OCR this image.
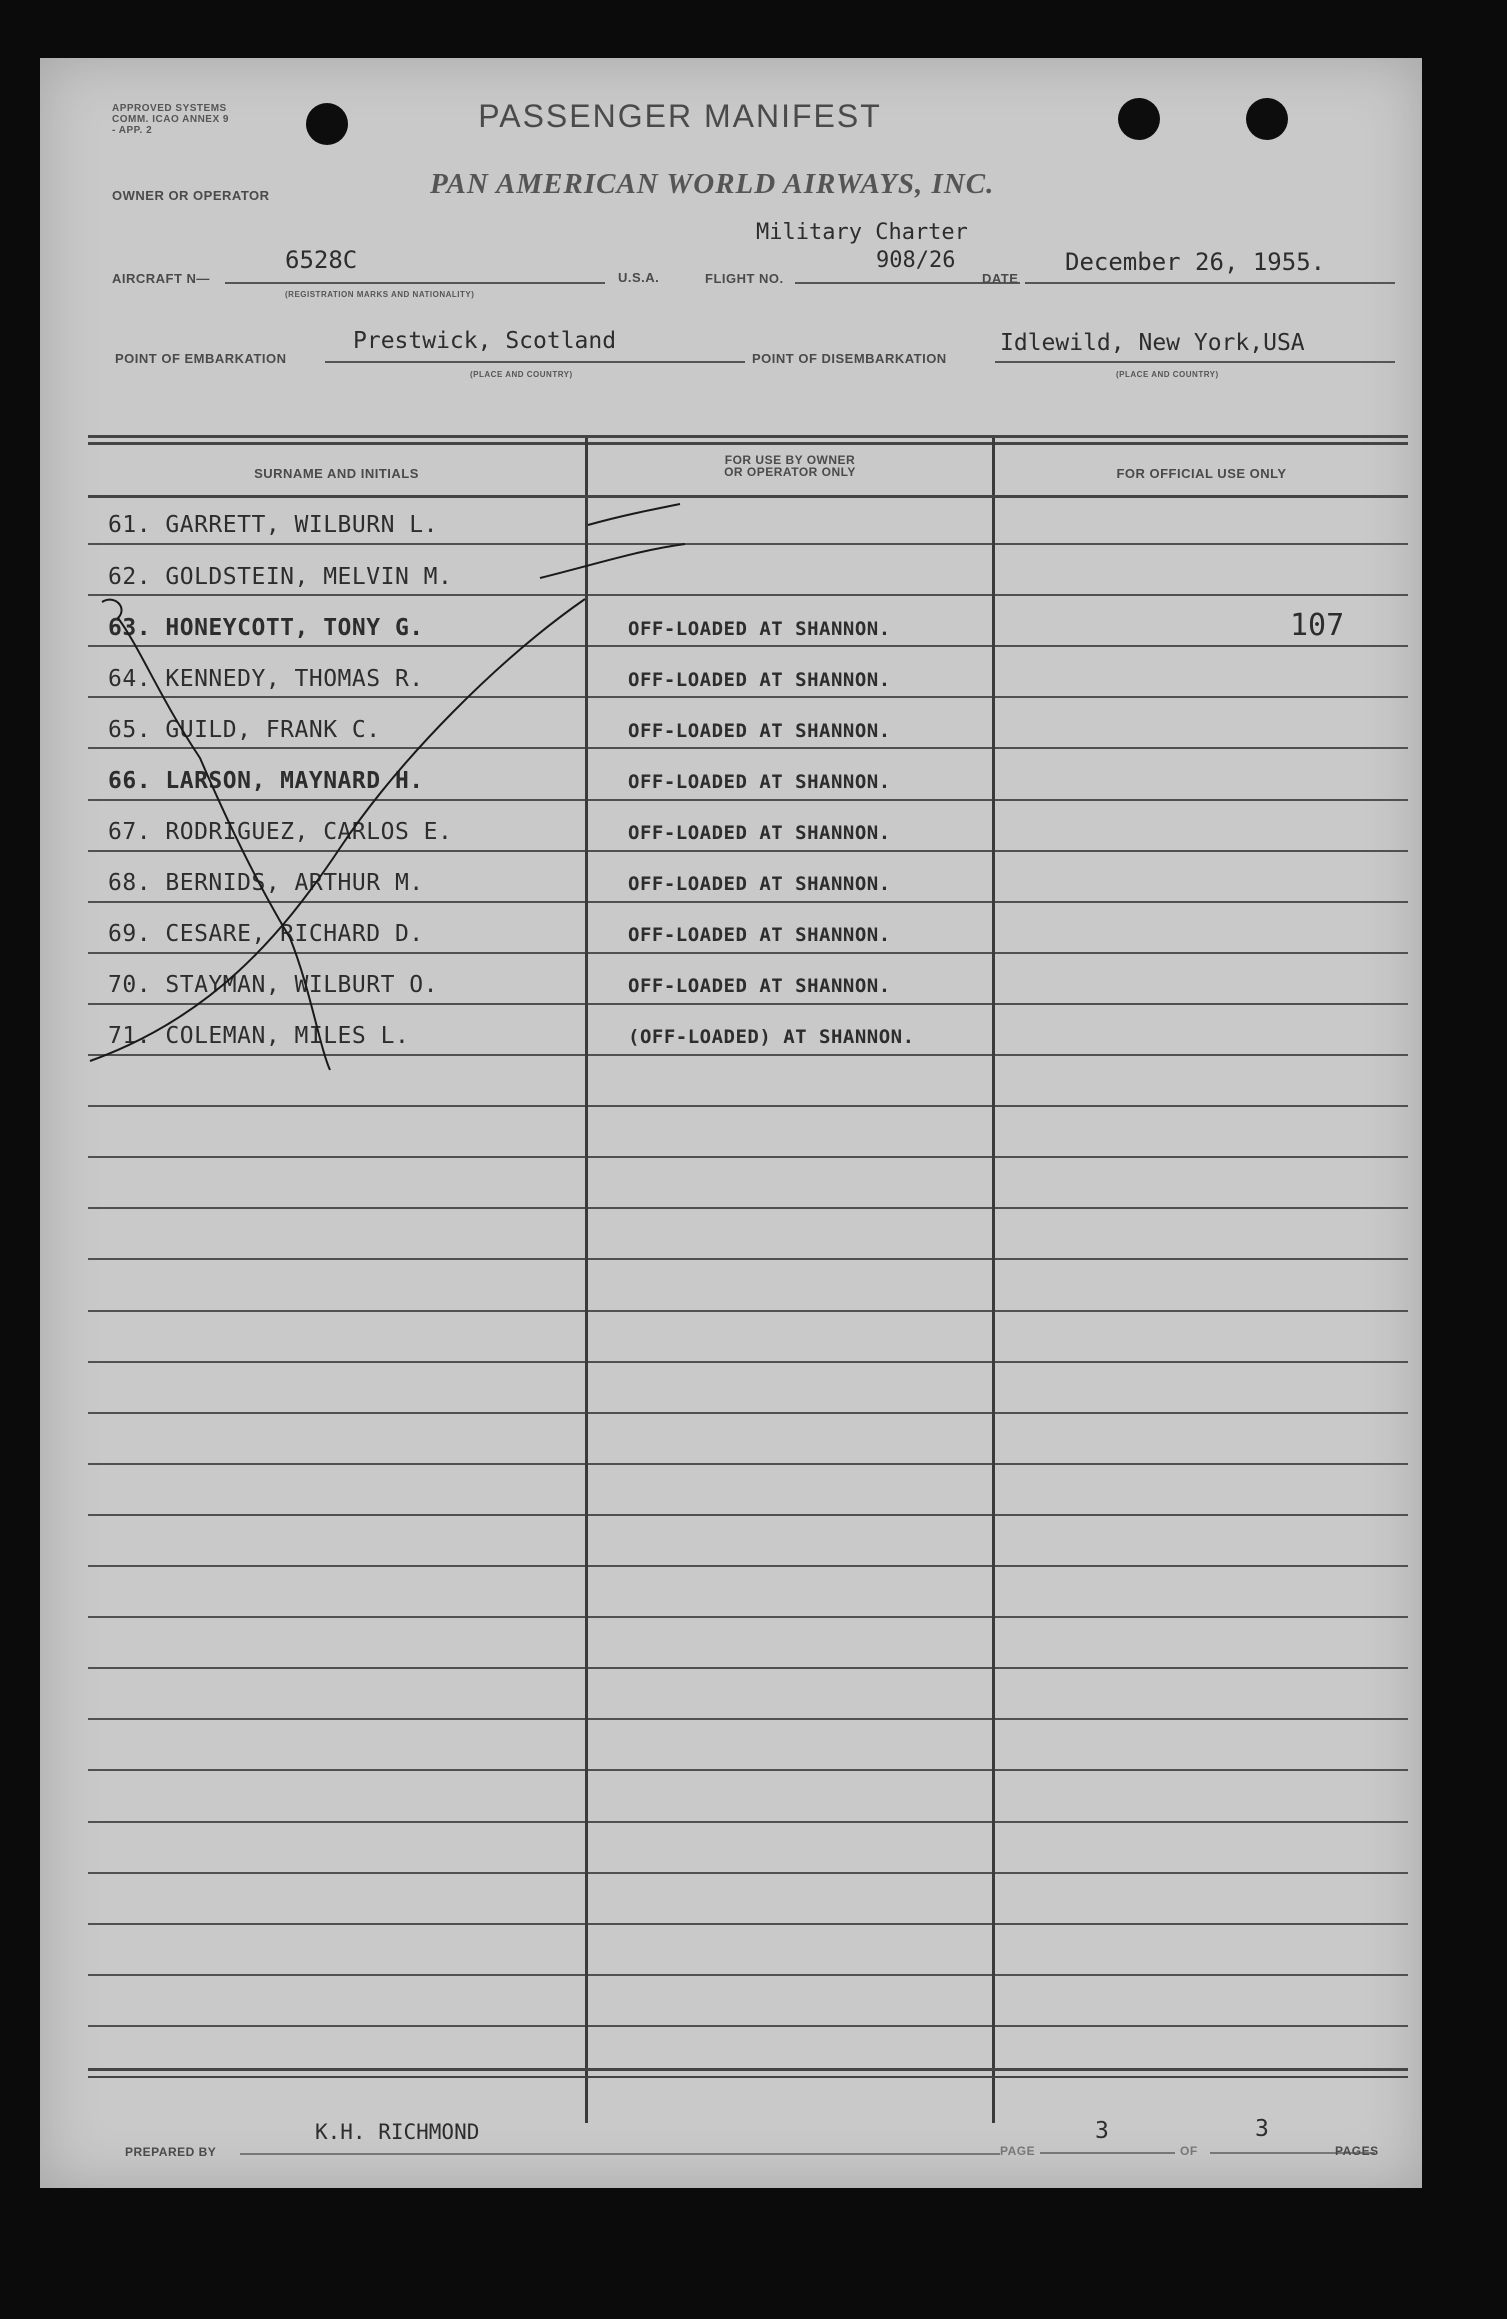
APPROVED SYSTEMS COMM. ICAO ANNEX 9 - APP. 2	PASSENGER MANIFEST
OWNER OR OPERATOR	PAN AMERICAN WORLD AIRWAYS, INC.
AIRCRAFT N—
6528C
(REGISTRATION MARKS AND NATIONALITY)
U.S.A.	FLIGHT NO.
Military Charter
908/26
DATE
December 26, 1955.
POINT OF EMBARKATION
Prestwick, Scotland
(PLACE AND COUNTRY)
POINT OF DISEMBARKATION
Idlewild, New York,USA
(PLACE AND COUNTRY)
SURNAME AND INITIALS
FOR USE BY OWNER
OR OPERATOR ONLY	FOR OFFICIAL USE ONLY
61. GARRETT, WILBURN L.
62. GOLDSTEIN, MELVIN M.
63. HONEYCOTT, TONY G.	OFF-LOADED AT SHANNON.	107
64. KENNEDY, THOMAS R.	OFF-LOADED AT SHANNON.
65. GUILD, FRANK C.	OFF-LOADED AT SHANNON.
66. LARSON, MAYNARD H.	OFF-LOADED AT SHANNON.
67. RODRIGUEZ, CARLOS E.	OFF-LOADED AT SHANNON.
68. BERNIDS, ARTHUR M.	OFF-LOADED AT SHANNON.
69. CESARE, RICHARD D.	OFF-LOADED AT SHANNON.
70. STAYMAN, WILBURT O.	OFF-LOADED AT SHANNON.
71. COLEMAN, MILES L.	(OFF-LOADED) AT SHANNON.
PREPARED BY
K.H. RICHMOND
PAGE
3
OF
3
PAGES
